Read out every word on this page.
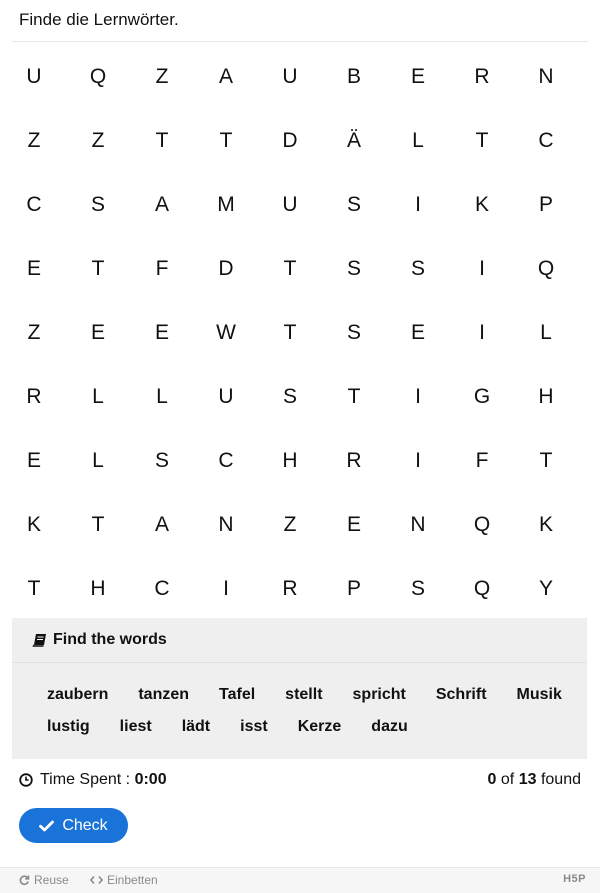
Finde die Lernwörter.
U	Q	Z	A	U	B	E	R	N
Z	Z	T	T	D	Ä	L	T	C
C	S	A	M	U	S	I	K	P
E	T	F	D	T	S	S	I	Q
Z	E	E	W	T	S	E	I	L
R	L	L	U	S	T	I	G	H
E	L	S	C	H	R	I	F	T
K	T	A	N	Z	E	N	Q	K
T	H	C	I	R	P	S	Q	Y
Find the words
zaubern tanzen Tafel stellt spricht Schrift Musik
lustig liest lädt isst Kerze dazu
Time Spent :
0:00	0 of 13 found
Check
Reuse	Einbetten	H5P
